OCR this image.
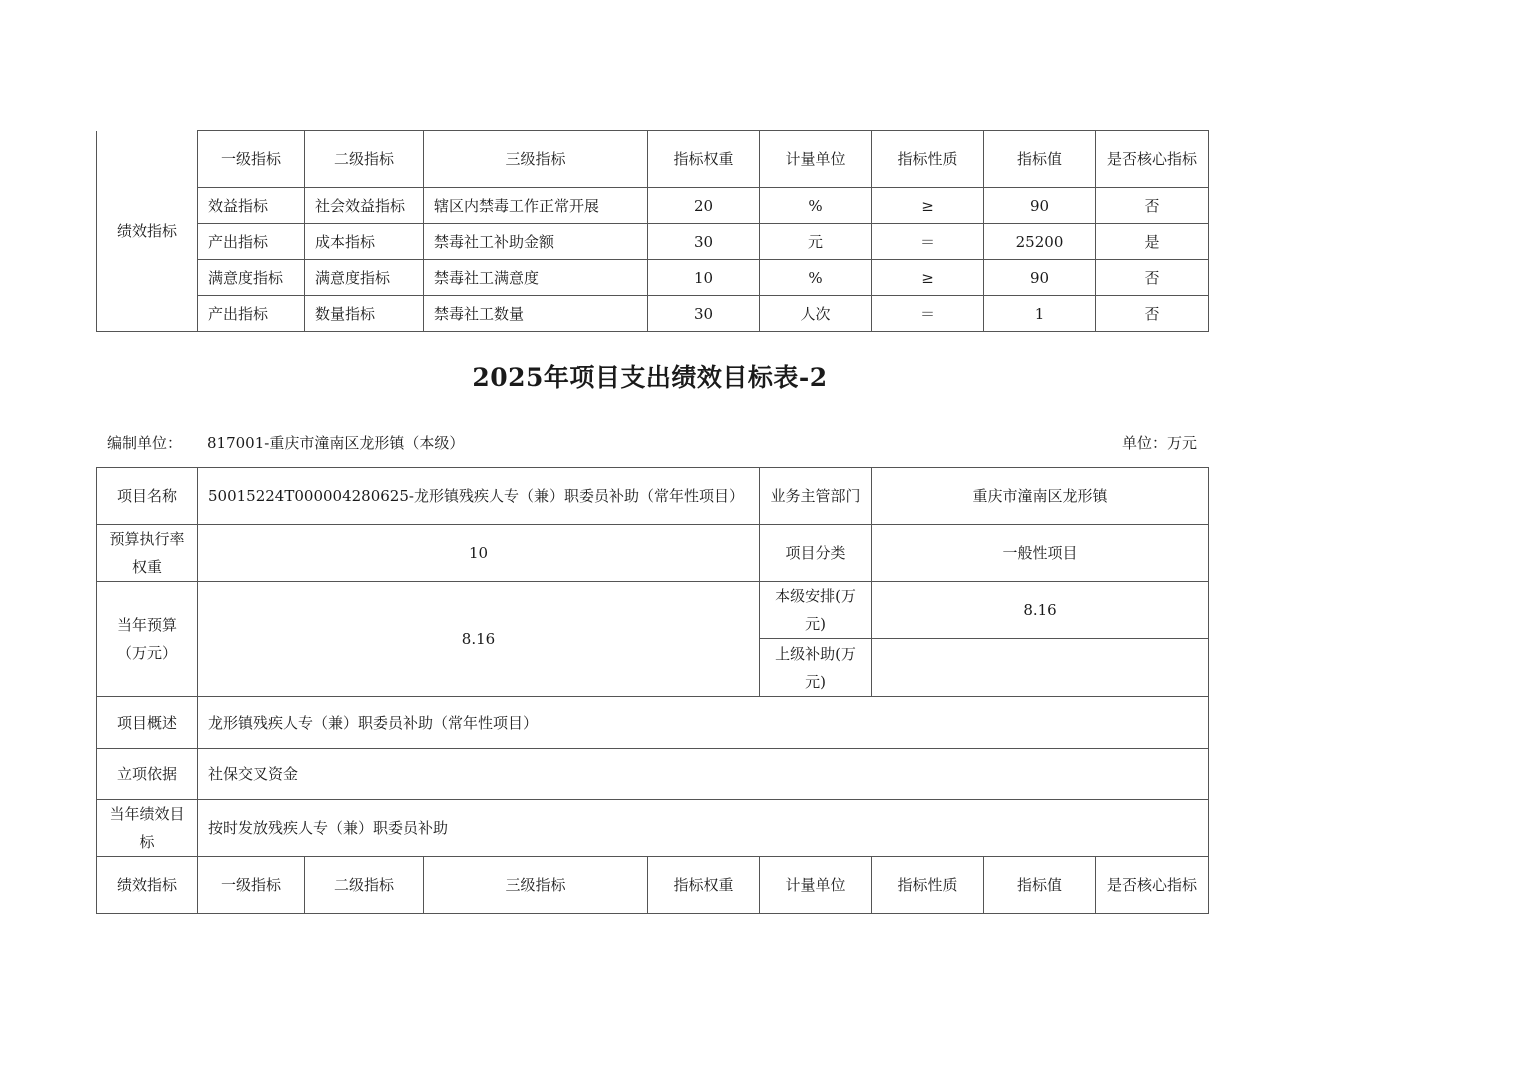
绩效指标	一级指标	二级指标	三级指标	指标权重	计量单位	指标性质	指标值	是否核心指标
	效益指标	社会效益指标	辖区内禁毒工作正常开展	20	%	≥	90	否
	产出指标	成本指标	禁毒社工补助金额	30	元	＝	25200	是
	满意度指标	满意度指标	禁毒社工满意度	10	%	≥	90	否
	产出指标	数量指标	禁毒社工数量	30	人次	＝	1	否
2025年项目支出绩效目标表-2
编制单位： 817001-重庆市潼南区龙形镇（本级）	单位：万元
项目名称	50015224T000004280625-龙形镇残疾人专（兼）职委员补助（常年性项目）				业务主管部门	重庆市潼南区龙形镇		
预算执行率权重	10				项目分类	一般性项目		
当年预算（万元）	8.16				本级安排(万元)	8.16		
					上级补助(万元)			
项目概述	龙形镇残疾人专（兼）职委员补助（常年性项目）							
立项依据	社保交叉资金							
当年绩效目标	按时发放残疾人专（兼）职委员补助							
绩效指标	一级指标	二级指标	三级指标	指标权重	计量单位	指标性质	指标值	是否核心指标
